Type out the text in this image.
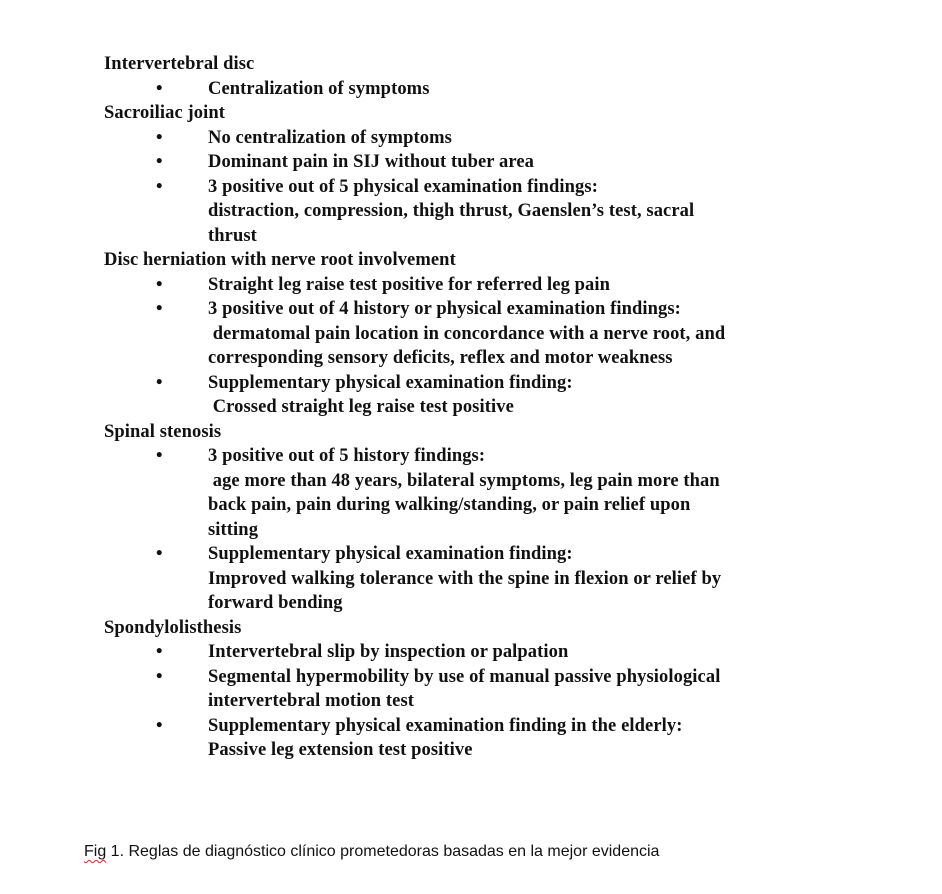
Intervertebral disc
•	Centralization of symptoms
Sacroiliac joint
•	No centralization of symptoms
•	Dominant pain in SIJ without tuber area
•	3 positive out of 5 physical examination findings:
distraction, compression, thigh thrust, Gaenslen’s test, sacral
thrust
Disc herniation with nerve root involvement
•	Straight leg raise test positive for referred leg pain
•	3 positive out of 4 history or physical examination findings:
dermatomal pain location in concordance with a nerve root, and
corresponding sensory deficits, reflex and motor weakness
•	Supplementary physical examination finding:
Crossed straight leg raise test positive
Spinal stenosis
•	3 positive out of 5 history findings:
age more than 48 years, bilateral symptoms, leg pain more than
back pain, pain during walking/standing, or pain relief upon
sitting
•	Supplementary physical examination finding:
Improved walking tolerance with the spine in flexion or relief by
forward bending
Spondylolisthesis
•	Intervertebral slip by inspection or palpation
•	Segmental hypermobility by use of manual passive physiological
intervertebral motion test
•	Supplementary physical examination finding in the elderly:
Passive leg extension test positive
Fig 1. Reglas de diagnóstico clínico prometedoras basadas en la mejor evidencia
